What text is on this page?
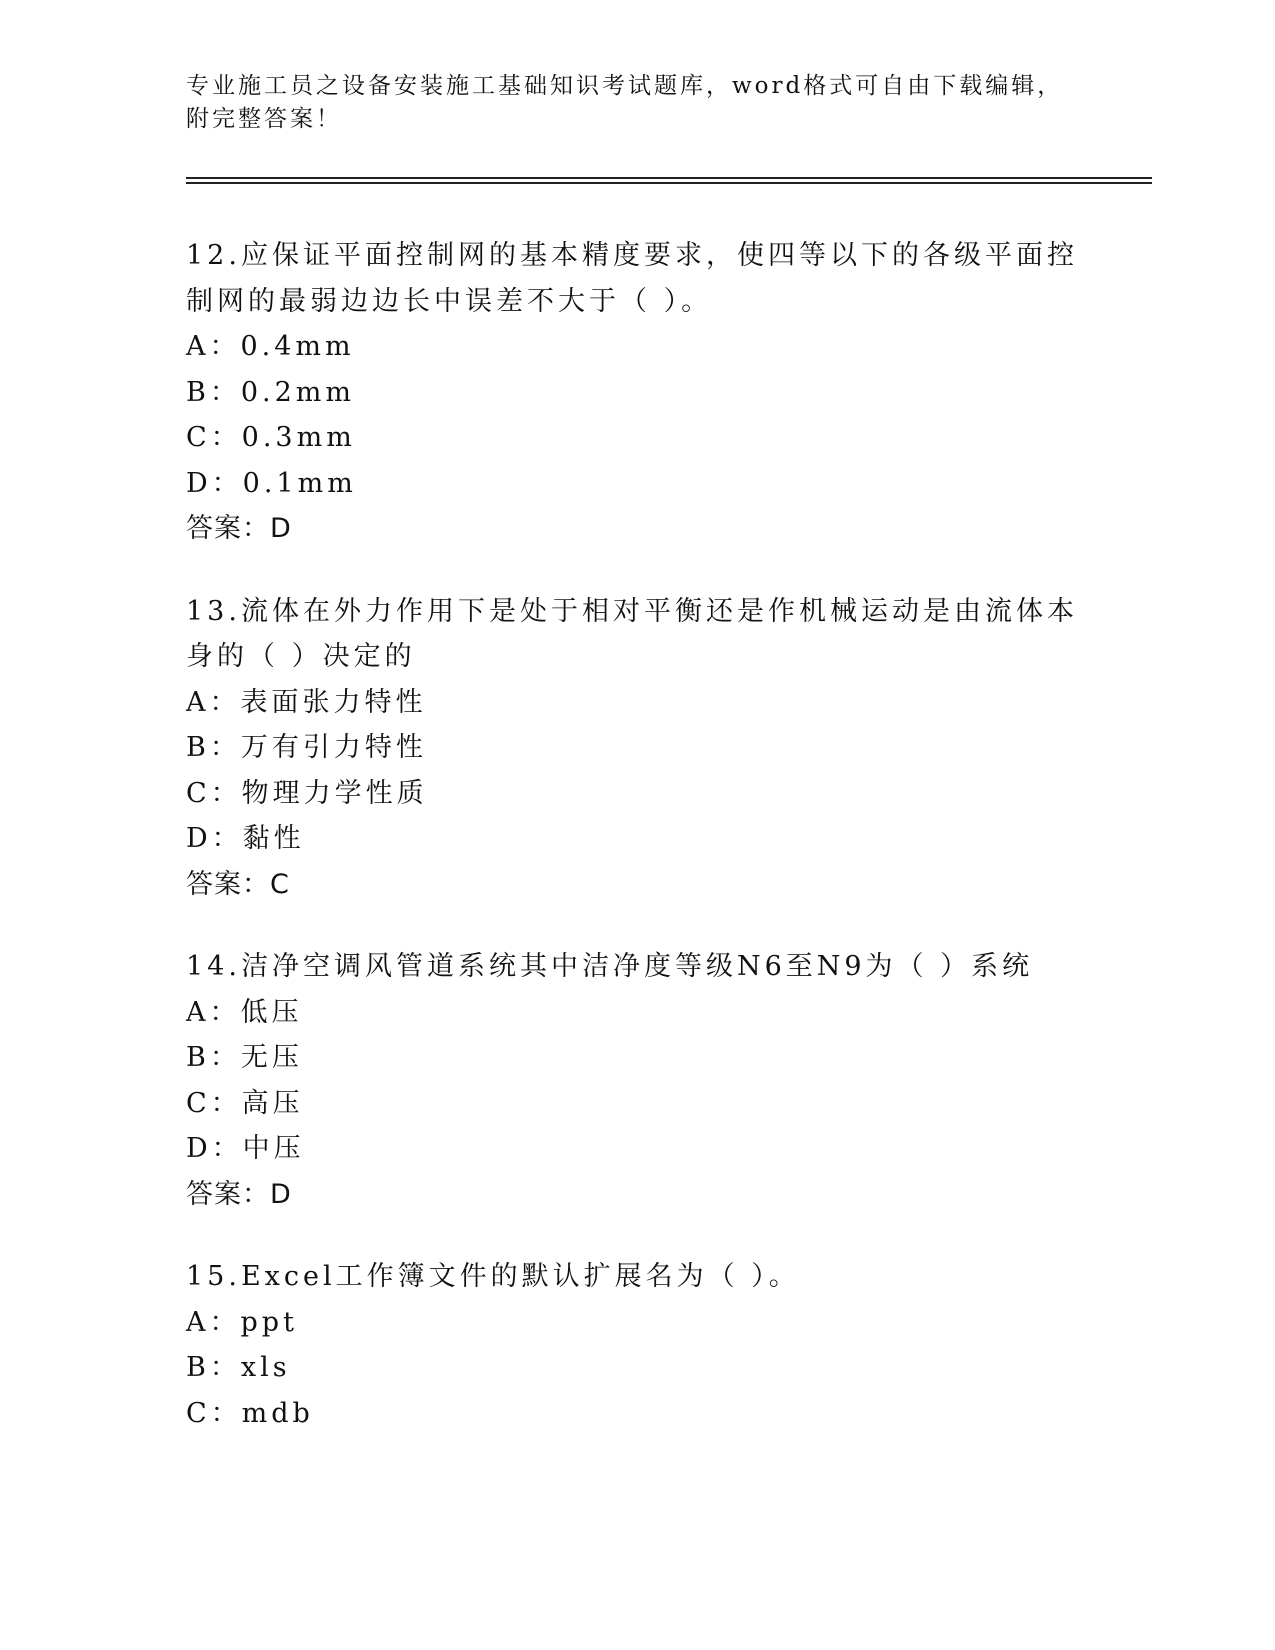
专业施工员之设备安装施工基础知识考试题库，word格式可自由下载编辑，附完整答案！
12.应保证平面控制网的基本精度要求，使四等以下的各级平面控制网的最弱边边长中误差不大于（ ）。
A：0.4mm
B：0.2mm
C：0.3mm
D：0.1mm
答案：D
13.流体在外力作用下是处于相对平衡还是作机械运动是由流体本身的（ ）决定的
A：表面张力特性
B：万有引力特性
C：物理力学性质
D：黏性
答案：C
14.洁净空调风管道系统其中洁净度等级N6至N9为（ ）系统
A：低压
B：无压
C：高压
D：中压
答案：D
15.Excel工作簿文件的默认扩展名为（ ）。
A：ppt
B：xls
C：mdb
